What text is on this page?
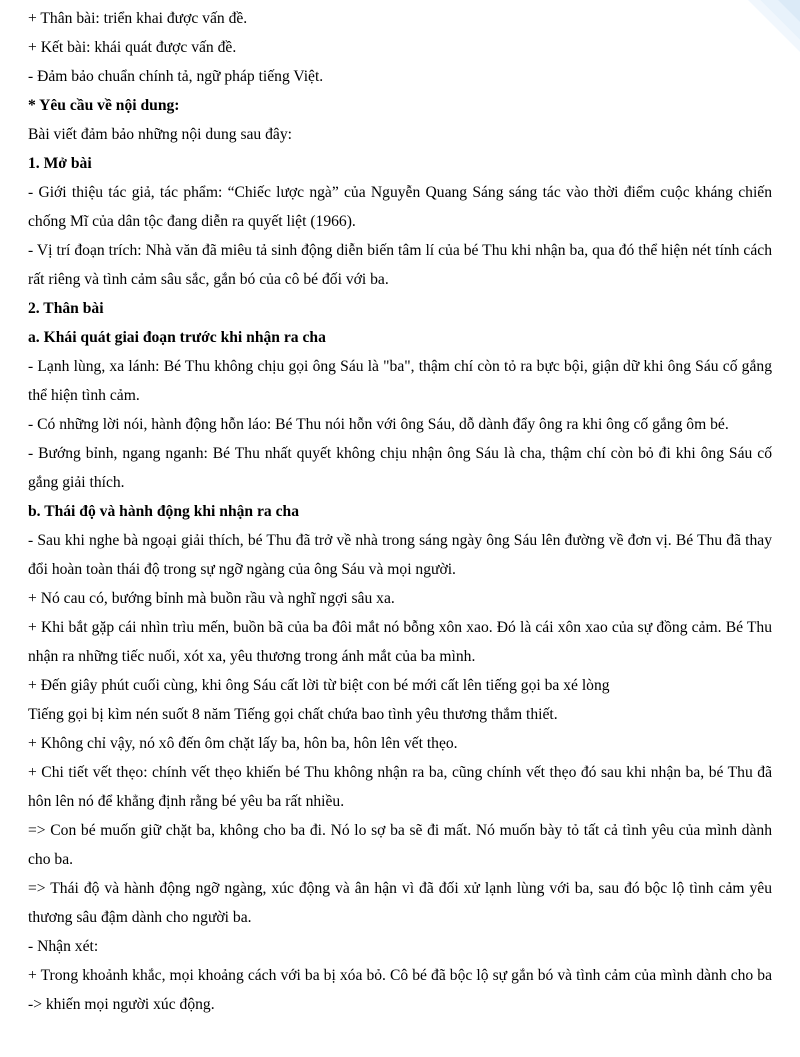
+ Thân bài: triển khai được vấn đề.
+ Kết bài: khái quát được vấn đề.
- Đảm bảo chuẩn chính tả, ngữ pháp tiếng Việt.
* Yêu cầu về nội dung:
Bài viết đảm bảo những nội dung sau đây:
1. Mở bài
- Giới thiệu tác giả, tác phẩm: “Chiếc lược ngà” của Nguyễn Quang Sáng sáng tác vào thời điểm cuộc kháng chiến chống Mĩ của dân tộc đang diễn ra quyết liệt (1966).
- Vị trí đoạn trích: Nhà văn đã miêu tả sinh động diễn biến tâm lí của bé Thu khi nhận ba, qua đó thể hiện nét tính cách rất riêng và tình cảm sâu sắc, gắn bó của cô bé đối với ba.
2. Thân bài
a. Khái quát giai đoạn trước khi nhận ra cha
- Lạnh lùng, xa lánh: Bé Thu không chịu gọi ông Sáu là "ba", thậm chí còn tỏ ra bực bội, giận dữ khi ông Sáu cố gắng thể hiện tình cảm.
- Có những lời nói, hành động hỗn láo: Bé Thu nói hỗn với ông Sáu, dỗ dành đẩy ông ra khi ông cố gắng ôm bé.
- Bướng bỉnh, ngang nganh: Bé Thu nhất quyết không chịu nhận ông Sáu là cha, thậm chí còn bỏ đi khi ông Sáu cố gắng giải thích.
b. Thái độ và hành động khi nhận ra cha
- Sau khi nghe bà ngoại giải thích, bé Thu đã trở về nhà trong sáng ngày ông Sáu lên đường về đơn vị. Bé Thu đã thay đổi hoàn toàn thái độ trong sự ngỡ ngàng của ông Sáu và mọi người.
+ Nó cau có, bướng bỉnh mà buồn rầu và nghĩ ngợi sâu xa.
+ Khi bắt gặp cái nhìn trìu mến, buồn bã của ba đôi mắt nó bỗng xôn xao. Đó là cái xôn xao của sự đồng cảm. Bé Thu nhận ra những tiếc nuối, xót xa, yêu thương trong ánh mắt của ba mình.
+ Đến giây phút cuối cùng, khi ông Sáu cất lời từ biệt con bé mới cất lên tiếng gọi ba xé lòng
Tiếng gọi bị kìm nén suốt 8 năm Tiếng gọi chất chứa bao tình yêu thương thắm thiết.
+ Không chỉ vậy, nó xô đến ôm chặt lấy ba, hôn ba, hôn lên vết thẹo.
+ Chi tiết vết thẹo: chính vết thẹo khiến bé Thu không nhận ra ba, cũng chính vết thẹo đó sau khi nhận ba, bé Thu đã hôn lên nó để khẳng định rằng bé yêu ba rất nhiều.
=> Con bé muốn giữ chặt ba, không cho ba đi. Nó lo sợ ba sẽ đi mất. Nó muốn bày tỏ tất cả tình yêu của mình dành cho ba.
=> Thái độ và hành động ngỡ ngàng, xúc động và ân hận vì đã đối xử lạnh lùng với ba, sau đó bộc lộ tình cảm yêu thương sâu đậm dành cho người ba.
- Nhận xét:
+ Trong khoảnh khắc, mọi khoảng cách với ba bị xóa bỏ. Cô bé đã bộc lộ sự gắn bó và tình cảm của mình dành cho ba -> khiến mọi người xúc động.
